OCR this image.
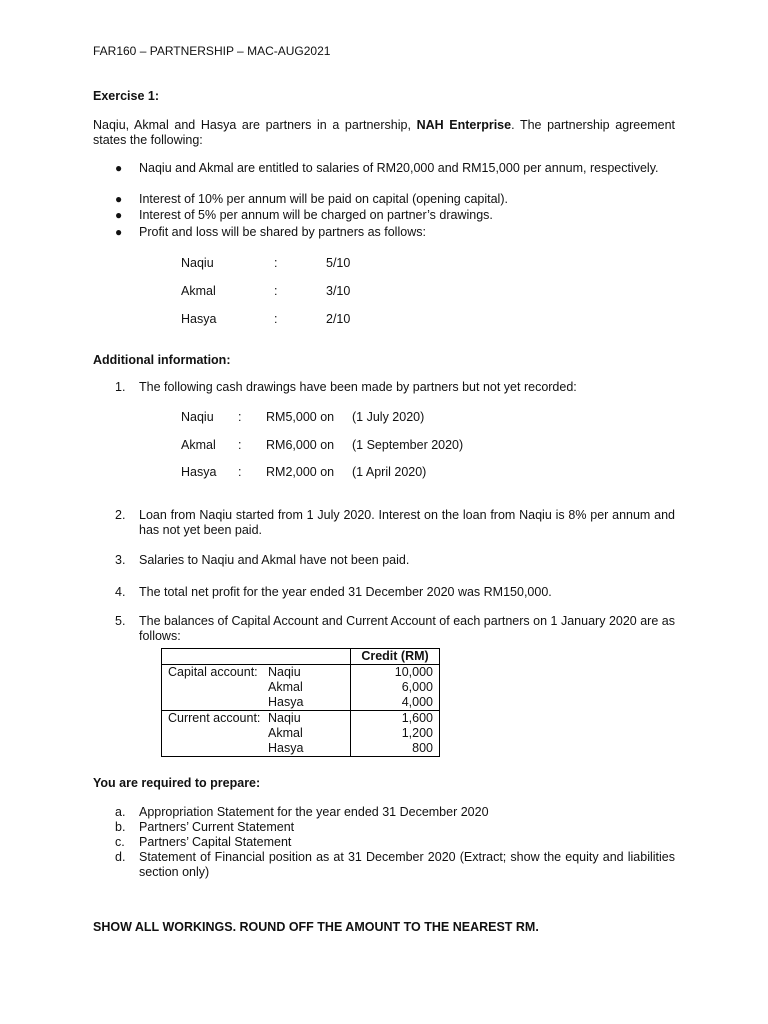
FAR160 – PARTNERSHIP – MAC-AUG2021
Exercise 1:
Naqiu, Akmal and Hasya are partners in a partnership, NAH Enterprise. The partnership agreement states the following:
● Naqiu and Akmal are entitled to salaries of RM20,000 and RM15,000 per annum, respectively.
● Interest of 10% per annum will be paid on capital (opening capital).
● Interest of 5% per annum will be charged on partner’s drawings.
● Profit and loss will be shared by partners as follows:
Naqiu	:	5/10
Akmal	:	3/10
Hasya	:	2/10
Additional information:
1. The following cash drawings have been made by partners but not yet recorded:
Naqiu : RM5,000 on (1 July 2020)
Akmal : RM6,000 on (1 September 2020)
Hasya : RM2,000 on (1 April 2020)
2. Loan from Naqiu started from 1 July 2020. Interest on the loan from Naqiu is 8% per annum and has not yet been paid.
3. Salaries to Naqiu and Akmal have not been paid.
4. The total net profit for the year ended 31 December 2020 was RM150,000.
5. The balances of Capital Account and Current Account of each partners on 1 January 2020 are as follows:
		Credit (RM)
Capital account:	Naqiu	10,000
	Akmal	6,000
	Hasya	4,000
Current account:	Naqiu	1,600
	Akmal	1,200
	Hasya	800
You are required to prepare:
a. Appropriation Statement for the year ended 31 December 2020
b. Partners’ Current Statement
c. Partners’ Capital Statement
d. Statement of Financial position as at 31 December 2020 (Extract; show the equity and liabilities section only)
SHOW ALL WORKINGS. ROUND OFF THE AMOUNT TO THE NEAREST RM.
